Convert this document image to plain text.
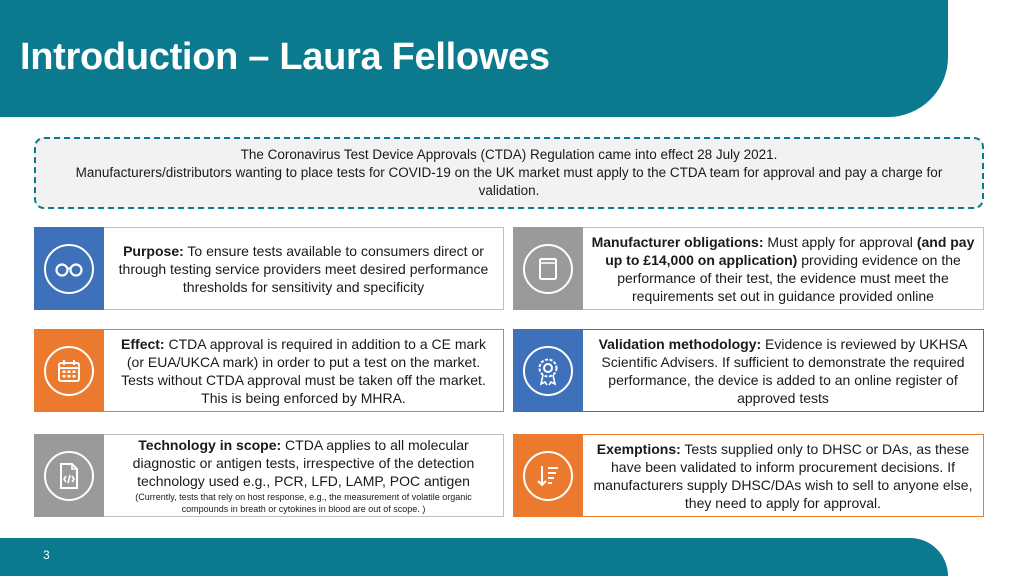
Introduction – Laura Fellowes

The Coronavirus Test Device Approvals (CTDA) Regulation came into effect 28 July 2021.

Manufacturers/distributors wanting to place tests for COVID-19 on the UK market must apply to the CTDA team for approval and pay a charge for validation.

Purpose: To ensure tests available to consumers direct or through testing service providers meet desired performance thresholds for sensitivity and specificity

Manufacturer obligations: Must apply for approval (and pay up to £14,000 on application) providing evidence on the performance of their test, the evidence must meet the requirements set out in guidance provided online

Effect: CTDA approval is required in addition to a CE mark (or EUA/UKCA mark) in order to put a test on the market. Tests without CTDA approval must be taken off the market. This is being enforced by MHRA.

Validation methodology: Evidence is reviewed by UKHSA Scientific Advisers. If sufficient to demonstrate the required performance, the device is added to an online register of approved tests

Technology in scope: CTDA applies to all molecular diagnostic or antigen tests, irrespective of the detection technology used e.g., PCR, LFD, LAMP, POC antigen

(Currently, tests that rely on host response, e.g., the measurement of volatile organic compounds in breath or cytokines in blood are out of scope. )

Exemptions: Tests supplied only to DHSC or DAs, as these have been validated to inform procurement decisions. If manufacturers supply DHSC/DAs wish to sell to anyone else, they need to apply for approval.

3
